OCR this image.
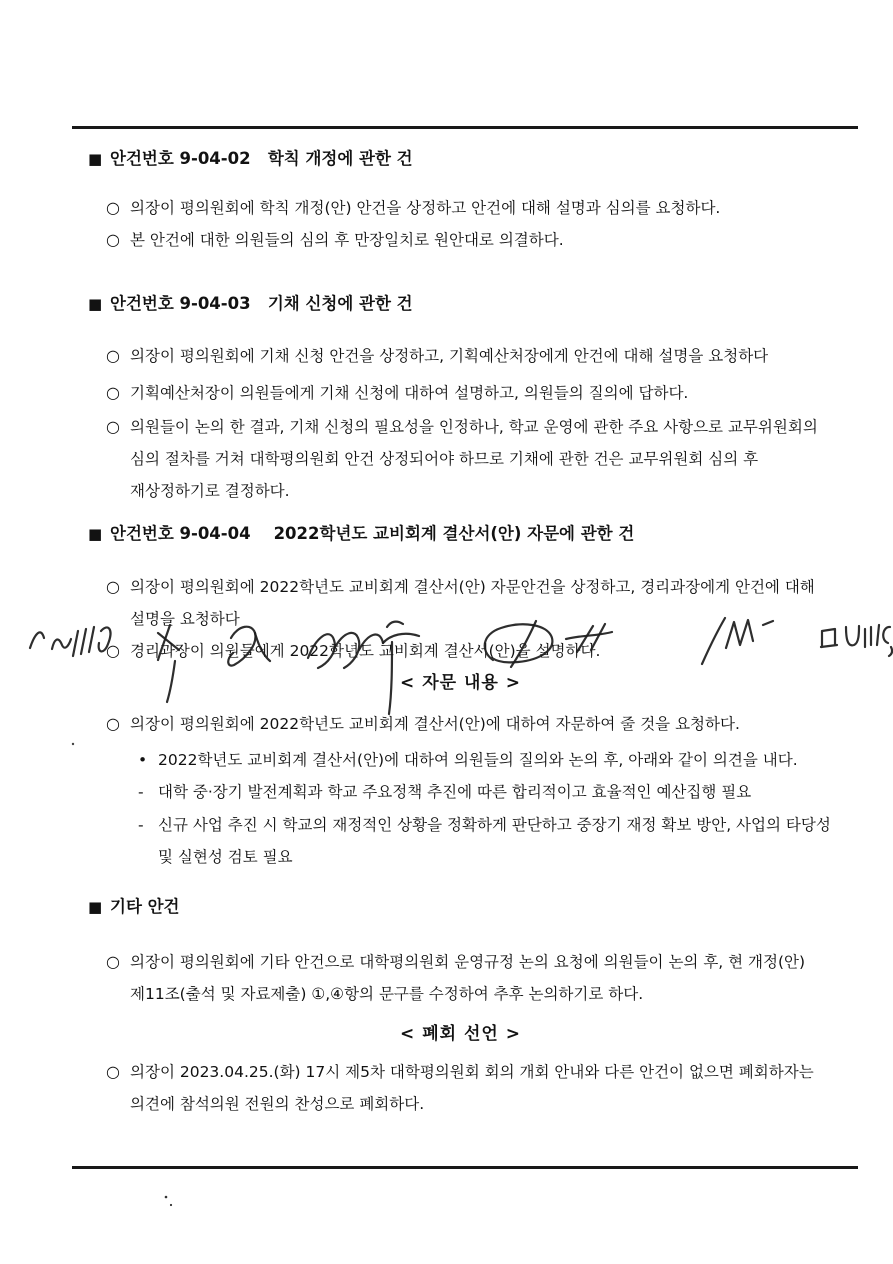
■ 안건번호 9-04-02   학칙 개정에 관한 건
○ 의장이 평의원회에 학칙 개정(안) 안건을 상정하고 안건에 대해 설명과 심의를 요청하다.
○ 본 안건에 대한 의원들의 심의 후 만장일치로 원안대로 의결하다.
■ 안건번호 9-04-03   기채 신청에 관한 건
○ 의장이 평의원회에 기채 신청 안건을 상정하고, 기획예산처장에게 안건에 대해 설명을 요청하다
○ 기획예산처장이 의원들에게 기채 신청에 대하여 설명하고, 의원들의 질의에 답하다.
○ 의원들이 논의 한 결과, 기채 신청의 필요성을 인정하나, 학교 운영에 관한 주요 사항으로 교무위원회의 심의 절차를 거쳐 대학평의원회 안건 상정되어야 하므로 기채에 관한 건은 교무위원회 심의 후 재상정하기로 결정하다.
■ 안건번호 9-04-04    2022학년도 교비회계 결산서(안) 자문에 관한 건
○ 의장이 평의원회에 2022학년도 교비회계 결산서(안) 자문안건을 상정하고, 경리과장에게 안건에 대해 설명을 요청하다
○ 경리과장이 의원들에게 2022학년도 교비회계 결산서(안)을 설명하다.
< 자문 내용 >
○ 의장이 평의원회에 2022학년도 교비회계 결산서(안)에 대하여 자문하여 줄 것을 요청하다.
• 2022학년도 교비회계 결산서(안)에 대하여 의원들의 질의와 논의 후, 아래와 같이 의견을 내다.
- 대학 중·장기 발전계획과 학교 주요정책 추진에 따른 합리적이고 효율적인 예산집행 필요
- 신규 사업 추진 시 학교의 재정적인 상황을 정확하게 판단하고 중장기 재정 확보 방안, 사업의 타당성 및 실현성 검토 필요
■ 기타 안건
○ 의장이 평의원회에 기타 안건으로 대학평의원회 운영규정 논의 요청에 의원들이 논의 후, 현 개정(안) 제11조(출석 및 자료제출) ①,④항의 문구를 수정하여 추후 논의하기로 하다.
< 폐회 선언 >
○ 의장이 2023.04.25.(화) 17시 제5차 대학평의원회 회의 개회 안내와 다른 안건이 없으면 폐회하자는 의견에 참석의원 전원의 찬성으로 폐회하다.
